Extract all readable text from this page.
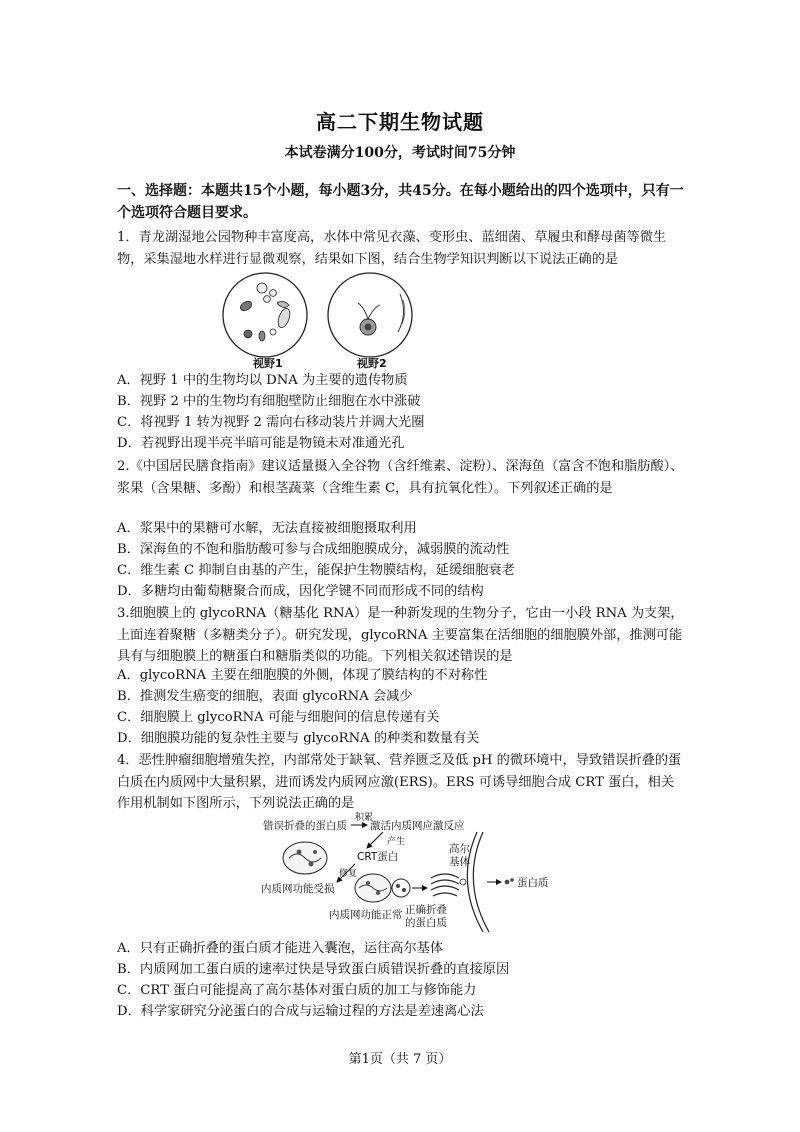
高二下期生物试题
本试卷满分100分，考试时间75分钟
一、选择题：本题共15个小题，每小题3分，共45分。在每小题给出的四个选项中，只有一个选项符合题目要求。
1．青龙湖湿地公园物种丰富度高，水体中常见衣藻、变形虫、蓝细菌、草履虫和酵母菌等微生物，采集湿地水样进行显微观察，结果如下图，结合生物学知识判断以下说法正确的是
视野1	视野2
A．视野 1 中的生物均以 DNA 为主要的遗传物质
B．视野 2 中的生物均有细胞壁防止细胞在水中涨破
C．将视野 1 转为视野 2 需向右移动装片并调大光圈
D．若视野出现半亮半暗可能是物镜未对准通光孔
2.《中国居民膳食指南》建议适量摄入全谷物（含纤维素、淀粉）、深海鱼（富含不饱和脂肪酸）、浆果（含果糖、多酚）和根茎蔬菜（含维生素 C，具有抗氧化性）。下列叙述正确的是
A．浆果中的果糖可水解，无法直接被细胞摄取利用
B．深海鱼的不饱和脂肪酸可参与合成细胞膜成分，减弱膜的流动性
C．维生素 C 抑制自由基的产生，能保护生物膜结构，延缓细胞衰老
D．多糖均由葡萄糖聚合而成，因化学键不同而形成不同的结构
3.细胞膜上的 glycoRNA（糖基化 RNA）是一种新发现的生物分子，它由一小段 RNA 为支架，上面连着聚糖（多糖类分子）。研究发现，glycoRNA 主要富集在活细胞的细胞膜外部，推测可能具有与细胞膜上的糖蛋白和糖脂类似的功能。下列相关叙述错误的是
A．glycoRNA 主要在细胞膜的外侧，体现了膜结构的不对称性
B．推测发生癌变的细胞，表面 glycoRNA 会减少
C．细胞膜上 glycoRNA 可能与细胞间的信息传递有关
D．细胞膜功能的复杂性主要与 glycoRNA 的种类和数量有关
4．恶性肿瘤细胞增殖失控，内部常处于缺氧、营养匮乏及低 pH 的微环境中，导致错误折叠的蛋白质在内质网中大量积累，进而诱发内质网应激(ERS)。ERS 可诱导细胞合成 CRT 蛋白，相关作用机制如下图所示，下列说法正确的是
错误折叠的蛋白质
积累
激活内质网应激反应
产生
CRT蛋白
内质网功能受损
修复
内质网功能正常 正确折叠
的蛋白质
高尔
基体
蛋白质
A．只有正确折叠的蛋白质才能进入囊泡，运往高尔基体
B．内质网加工蛋白质的速率过快是导致蛋白质错误折叠的直接原因
C．CRT 蛋白可能提高了高尔基体对蛋白质的加工与修饰能力
D．科学家研究分泌蛋白的合成与运输过程的方法是差速离心法
第1页（共 7 页）
